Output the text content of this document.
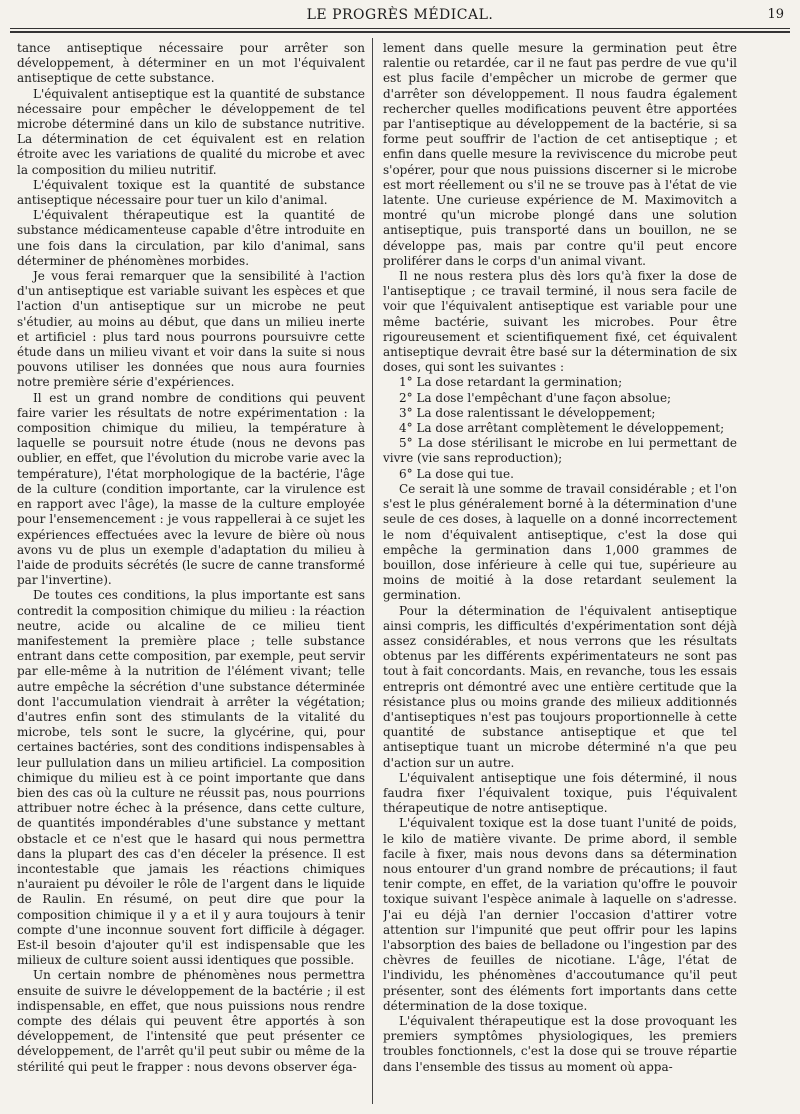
LE PROGRÈS MÉDICAL.	19

tance antiseptique nécessaire pour arrêter son développement, à déterminer en un mot l'équivalent antiseptique de cette substance.

L'équivalent antiseptique est la quantité de substance nécessaire pour empêcher le développement de tel microbe déterminé dans un kilo de substance nutritive. La détermination de cet équivalent est en relation étroite avec les variations de qualité du microbe et avec la composition du milieu nutritif.

L'équivalent toxique est la quantité de substance antiseptique nécessaire pour tuer un kilo d'animal.

L'équivalent thérapeutique est la quantité de substance médicamenteuse capable d'être introduite en une fois dans la circulation, par kilo d'animal, sans déterminer de phénomènes morbides.

Je vous ferai remarquer que la sensibilité à l'action d'un antiseptique est variable suivant les espèces et que l'action d'un antiseptique sur un microbe ne peut s'étudier, au moins au début, que dans un milieu inerte et artificiel : plus tard nous pourrons poursuivre cette étude dans un milieu vivant et voir dans la suite si nous pouvons utiliser les données que nous aura fournies notre première série d'expériences.

Il est un grand nombre de conditions qui peuvent faire varier les résultats de notre expérimentation : la composition chimique du milieu, la température à laquelle se poursuit notre étude (nous ne devons pas oublier, en effet, que l'évolution du microbe varie avec la température), l'état morphologique de la bactérie, l'âge de la culture (condition importante, car la virulence est en rapport avec l'âge), la masse de la culture employée pour l'ensemencement : je vous rappellerai à ce sujet les expériences effectuées avec la levure de bière où nous avons vu de plus un exemple d'adaptation du milieu à l'aide de produits sécrétés (le sucre de canne transformé par l'invertine).

De toutes ces conditions, la plus importante est sans contredit la composition chimique du milieu : la réaction neutre, acide ou alcaline de ce milieu tient manifestement la première place ; telle substance entrant dans cette composition, par exemple, peut servir par elle-même à la nutrition de l'élément vivant; telle autre empêche la sécrétion d'une substance déterminée dont l'accumulation viendrait à arrêter la végétation; d'autres enfin sont des stimulants de la vitalité du microbe, tels sont le sucre, la glycérine, qui, pour certaines bactéries, sont des conditions indispensables à leur pullulation dans un milieu artificiel. La composition chimique du milieu est à ce point importante que dans bien des cas où la culture ne réussit pas, nous pourrions attribuer notre échec à la présence, dans cette culture, de quantités impondérables d'une substance y mettant obstacle et ce n'est que le hasard qui nous permettra dans la plupart des cas d'en déceler la présence. Il est incontestable que jamais les réactions chimiques n'auraient pu dévoiler le rôle de l'argent dans le liquide de Raulin. En résumé, on peut dire que pour la composition chimique il y a et il y aura toujours à tenir compte d'une inconnue souvent fort difficile à dégager. Est-il besoin d'ajouter qu'il est indispensable que les milieux de culture soient aussi identiques que possible.

Un certain nombre de phénomènes nous permettra ensuite de suivre le développement de la bactérie ; il est indispensable, en effet, que nous puissions nous rendre compte des délais qui peuvent être apportés à son développement, de l'intensité que peut présenter ce développement, de l'arrêt qu'il peut subir ou même de la stérilité qui peut le frapper : nous devons observer éga-

lement dans quelle mesure la germination peut être ralentie ou retardée, car il ne faut pas perdre de vue qu'il est plus facile d'empêcher un microbe de germer que d'arrêter son développement. Il nous faudra également rechercher quelles modifications peuvent être apportées par l'antiseptique au développement de la bactérie, si sa forme peut souffrir de l'action de cet antiseptique ; et enfin dans quelle mesure la reviviscence du microbe peut s'opérer, pour que nous puissions discerner si le microbe est mort réellement ou s'il ne se trouve pas à l'état de vie latente. Une curieuse expérience de M. Maximovitch a montré qu'un microbe plongé dans une solution antiseptique, puis transporté dans un bouillon, ne se développe pas, mais par contre qu'il peut encore proliférer dans le corps d'un animal vivant.

Il ne nous restera plus dès lors qu'à fixer la dose de l'antiseptique ; ce travail terminé, il nous sera facile de voir que l'équivalent antiseptique est variable pour une même bactérie, suivant les microbes. Pour être rigoureusement et scientifiquement fixé, cet équivalent antiseptique devrait être basé sur la détermination de six doses, qui sont les suivantes :

1° La dose retardant la germination;
2° La dose l'empêchant d'une façon absolue;
3° La dose ralentissant le développement;
4° La dose arrêtant complètement le développement;
5° La dose stérilisant le microbe en lui permettant de vivre (vie sans reproduction);
6° La dose qui tue.

Ce serait là une somme de travail considérable ; et l'on s'est le plus généralement borné à la détermination d'une seule de ces doses, à laquelle on a donné incorrectement le nom d'équivalent antiseptique, c'est la dose qui empêche la germination dans 1,000 grammes de bouillon, dose inférieure à celle qui tue, supérieure au moins de moitié à la dose retardant seulement la germination.

Pour la détermination de l'équivalent antiseptique ainsi compris, les difficultés d'expérimentation sont déjà assez considérables, et nous verrons que les résultats obtenus par les différents expérimentateurs ne sont pas tout à fait concordants. Mais, en revanche, tous les essais entrepris ont démontré avec une entière certitude que la résistance plus ou moins grande des milieux additionnés d'antiseptiques n'est pas toujours proportionnelle à cette quantité de substance antiseptique et que tel antiseptique tuant un microbe déterminé n'a que peu d'action sur un autre.

L'équivalent antiseptique une fois déterminé, il nous faudra fixer l'équivalent toxique, puis l'équivalent thérapeutique de notre antiseptique.

L'équivalent toxique est la dose tuant l'unité de poids, le kilo de matière vivante. De prime abord, il semble facile à fixer, mais nous devons dans sa détermination nous entourer d'un grand nombre de précautions; il faut tenir compte, en effet, de la variation qu'offre le pouvoir toxique suivant l'espèce animale à laquelle on s'adresse. J'ai eu déjà l'an dernier l'occasion d'attirer votre attention sur l'impunité que peut offrir pour les lapins l'absorption des baies de belladone ou l'ingestion par des chèvres de feuilles de nicotiane. L'âge, l'état de l'individu, les phénomènes d'accoutumance qu'il peut présenter, sont des éléments fort importants dans cette détermination de la dose toxique.

L'équivalent thérapeutique est la dose provoquant les premiers symptômes physiologiques, les premiers troubles fonctionnels, c'est la dose qui se trouve répartie dans l'ensemble des tissus au moment où appa-
